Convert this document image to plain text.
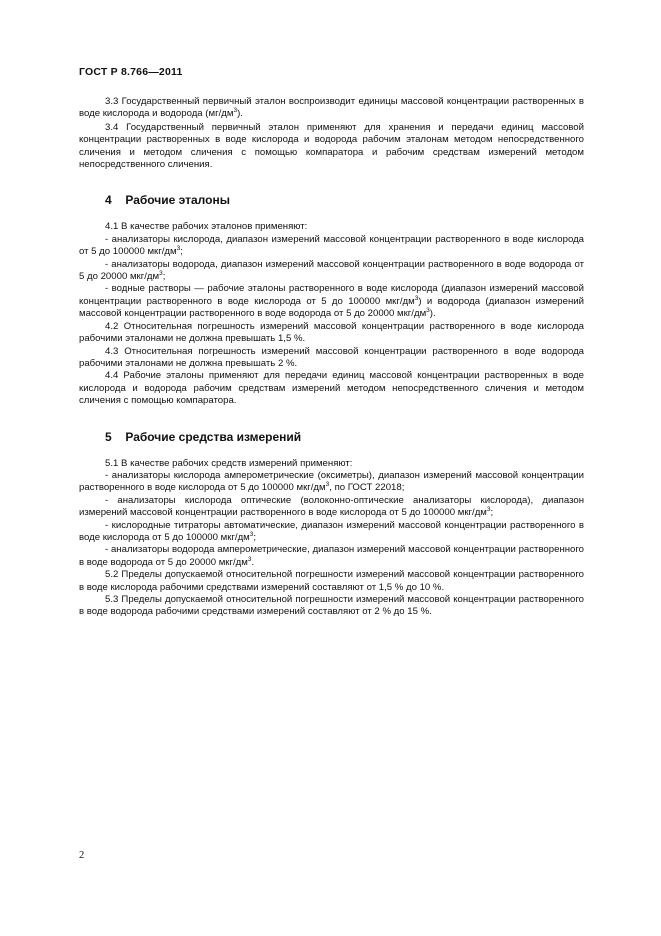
ГОСТ Р 8.766—2011

3.3 Государственный первичный эталон воспроизводит единицы массовой концентрации растворенных в воде кислорода и водорода $(мг/дм^3)$.

3.4 Государственный первичный эталон применяют для хранения и передачи единиц массовой концентрации растворенных в воде кислорода и водорода рабочим эталонам методом непосредственного сличения и методом сличения с помощью компаратора и рабочим средствам измерений методом непосредственного сличения.

4 Рабочие эталоны

4.1 В качестве рабочих эталонов применяют:

- анализаторы кислорода, диапазон измерений массовой концентрации растворенного в воде кислорода от 5 до 100000 мкг/$дм^3$;

- анализаторы водорода, диапазон измерений массовой концентрации растворенного в воде водорода от 5 до 20000 мкг/$дм^3$;

- водные растворы — рабочие эталоны растворенного в воде кислорода (диапазон измерений массовой концентрации растворенного в воде кислорода от 5 до 100000 мкг/$дм^3$) и водорода (диапазон измерений массовой концентрации растворенного в воде водорода от 5 до 20000 мкг/$дм^3$).

4.2 Относительная погрешность измерений массовой концентрации растворенного в воде кислорода рабочими эталонами не должна превышать 1,5 %.

4.3 Относительная погрешность измерений массовой концентрации растворенного в воде водорода рабочими эталонами не должна превышать 2 %.

4.4 Рабочие эталоны применяют для передачи единиц массовой концентрации растворенных в воде кислорода и водорода рабочим средствам измерений методом непосредственного сличения и методом сличения с помощью компаратора.

5 Рабочие средства измерений

5.1 В качестве рабочих средств измерений применяют:

- анализаторы кислорода амперометрические (оксиметры), диапазон измерений массовой концентрации растворенного в воде кислорода от 5 до 100000 мкг/$дм^3$, по ГОСТ 22018;

- анализаторы кислорода оптические (волоконно-оптические анализаторы кислорода), диапазон измерений массовой концентрации растворенного в воде кислорода от 5 до 100000 мкг/$дм^3$;

- кислородные титраторы автоматические, диапазон измерений массовой концентрации растворенного в воде кислорода от 5 до 100000 мкг/$дм^3$;

- анализаторы водорода амперометрические, диапазон измерений массовой концентрации растворенного в воде водорода от 5 до 20000 мкг/$дм^3$.

5.2 Пределы допускаемой относительной погрешности измерений массовой концентрации растворенного в воде кислорода рабочими средствами измерений составляют от 1,5 % до 10 %.

5.3 Пределы допускаемой относительной погрешности измерений массовой концентрации растворенного в воде водорода рабочими средствами измерений составляют от 2 % до 15 %.

2
